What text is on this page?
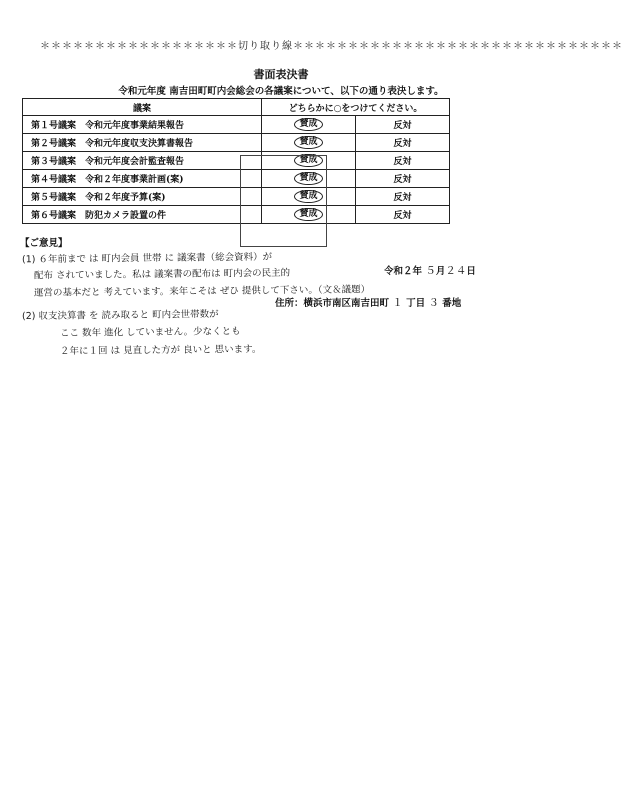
＊＊＊＊＊＊＊＊＊＊＊＊＊＊＊＊＊＊切り取り線＊＊＊＊＊＊＊＊＊＊＊＊＊＊＊＊＊＊＊＊＊＊＊＊＊＊＊＊＊＊
書面表決書
令和元年度 南吉田町町内会総会の各議案について、以下の通り表決します。
議案	どちらかに○をつけてください。	
第１号議案　 令和元年度事業結果報告	賛成	反対
第２号議案　 令和元年度収支決算書報告	賛成	反対
第３号議案　 令和元年度会計監査報告	賛成	反対
第４号議案　 令和２年度事業計画(案)	賛成	反対
第５号議案　 令和２年度予算(案)	賛成	反対
第６号議案　 防犯カメラ設置の件	賛成	反対
【ご意見】
(1) ６年前まで は 町内会員 世帯 に 議案書（総会資料）が
配布 されていました。私は 議案書の配布は 町内会の民主的
運営の基本だと 考えています。来年こそは ぜひ 提供して下さい。（文＆議題）
令和２年 ５月２４日
(2) 収支決算書 を 読み取ると 町内会世帯数が
住所：横浜市南区南吉田町 １ 丁目 ３ 番地
ここ 数年 進化 していません。少なくとも
２年に１回 は 見直した方が 良いと 思います。
